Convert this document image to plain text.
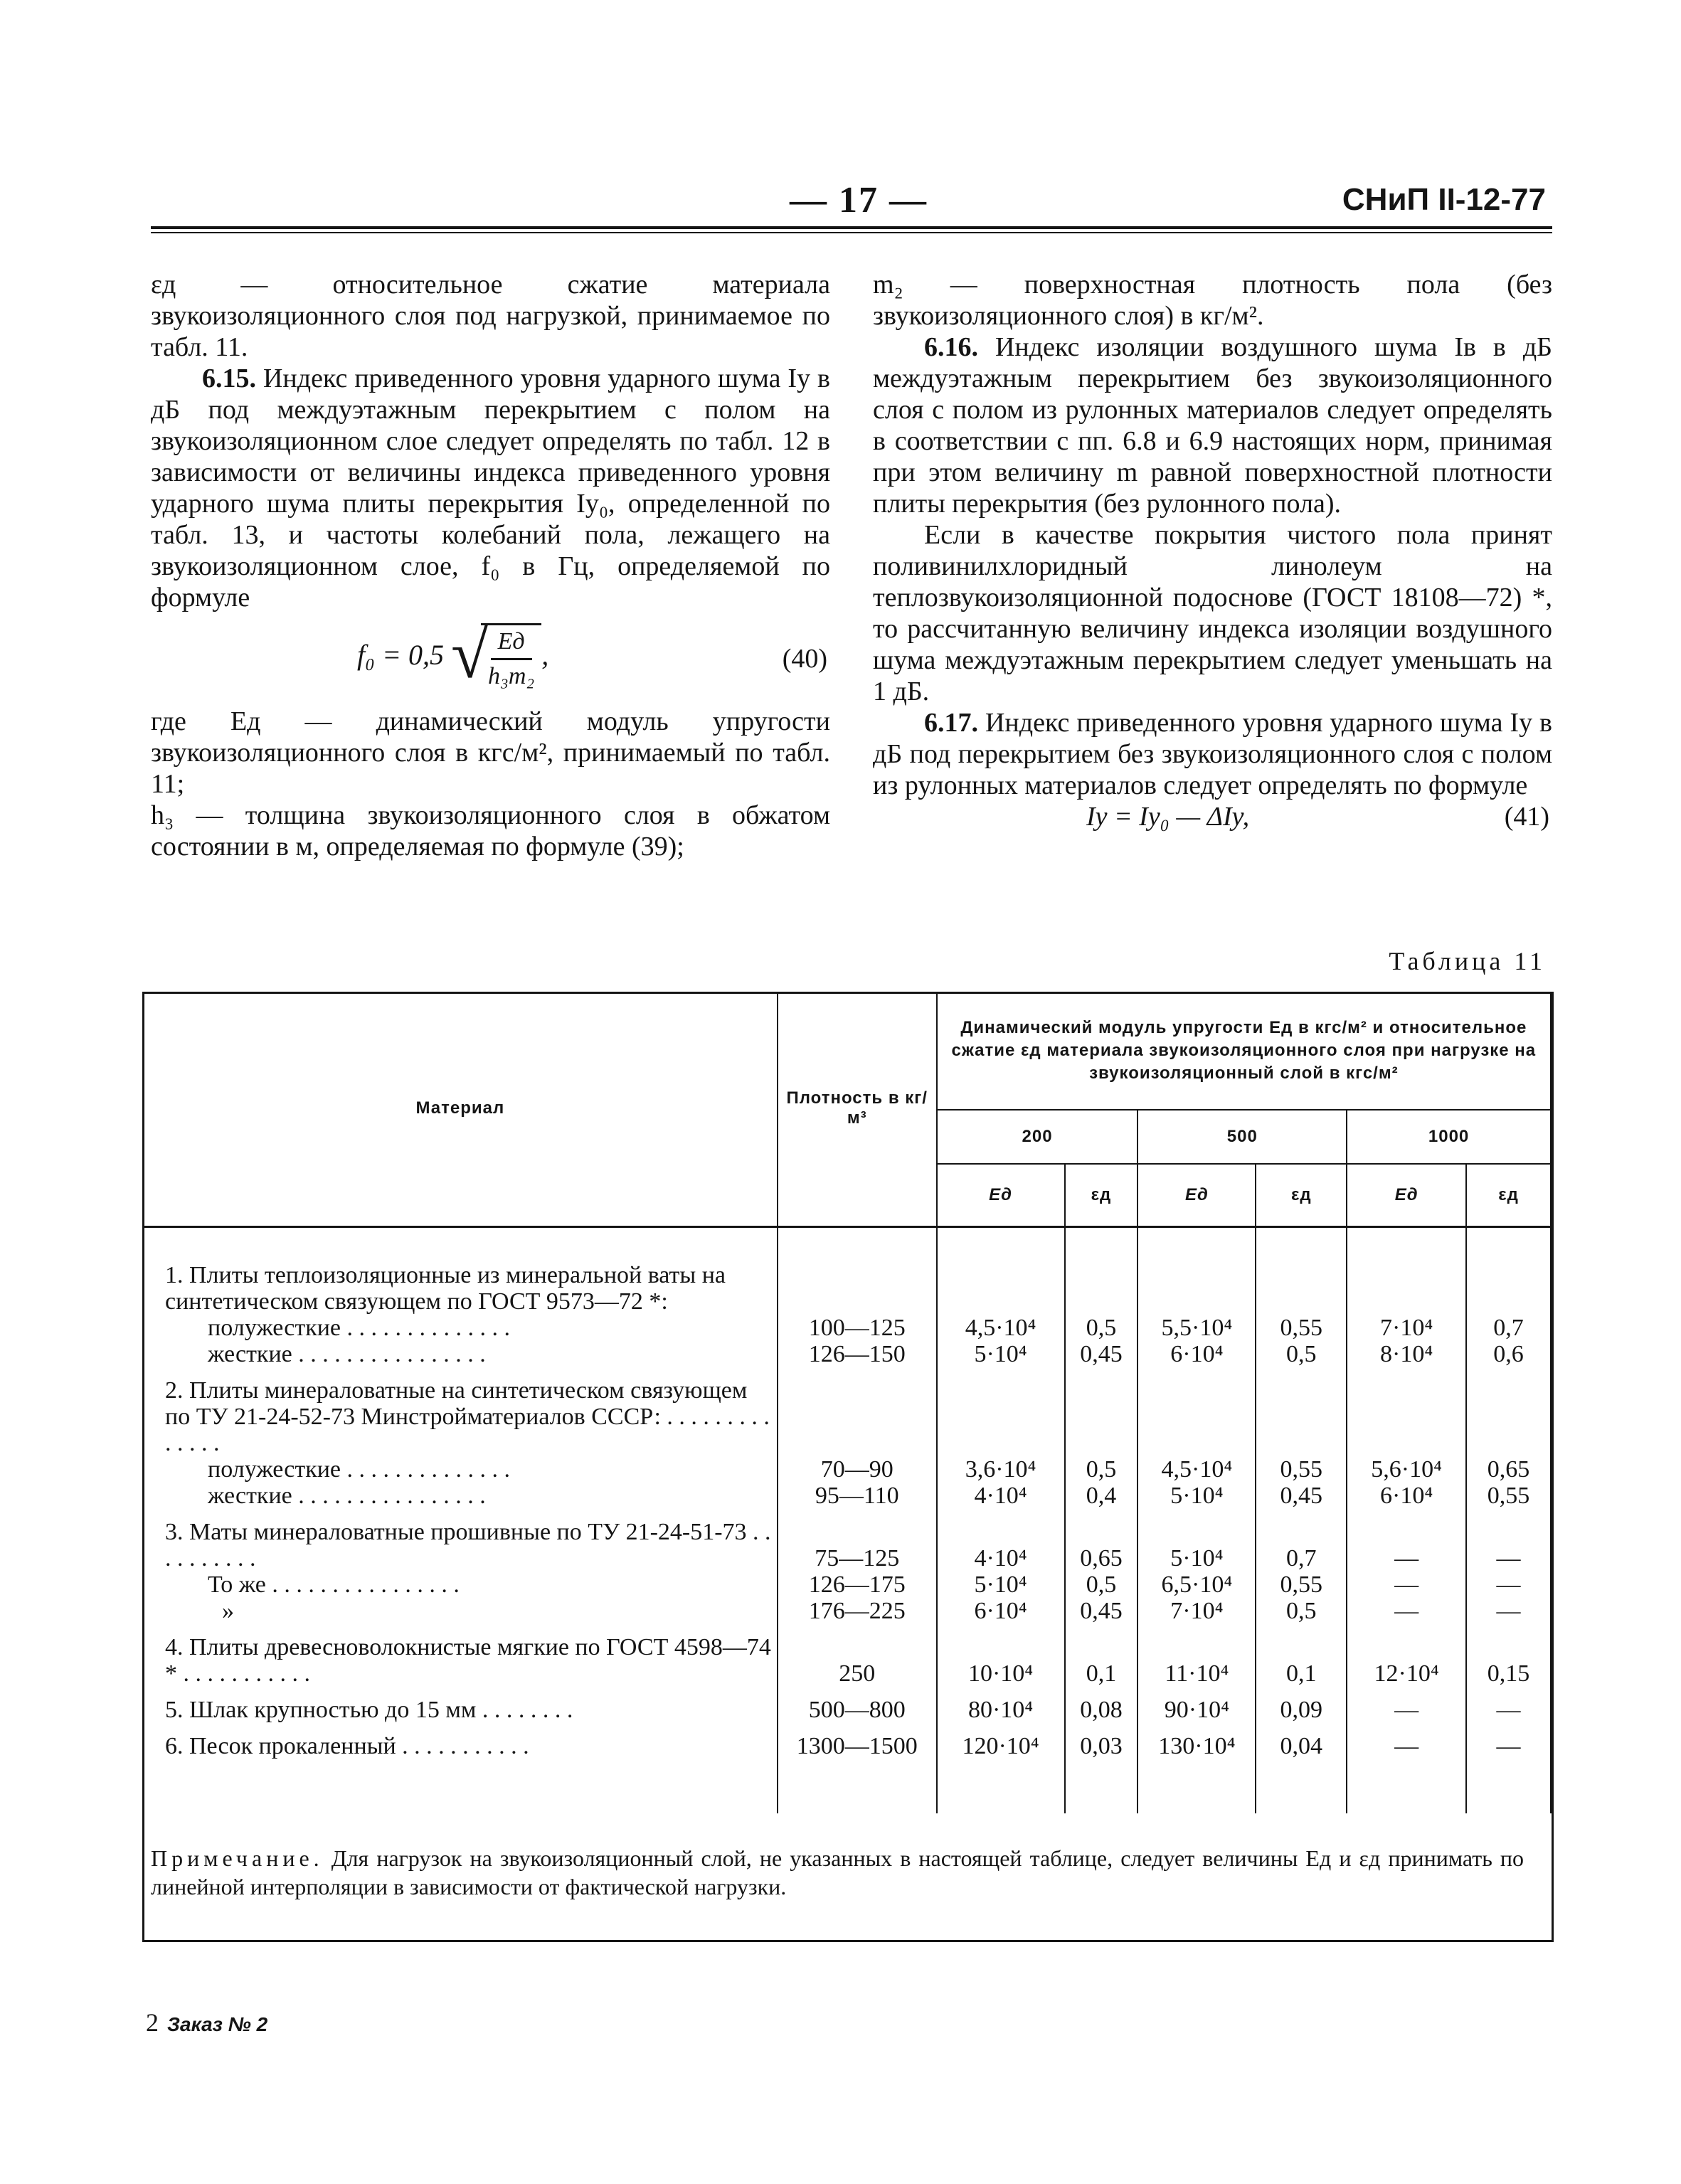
— 17 —	СНиП II-12-77

εд — относительное сжатие материала звукоизоляционного слоя под нагрузкой, принимаемое по табл. 11.

6.15. Индекс приведенного уровня ударного шума Iу в дБ под междуэтажным перекрытием с полом на звукоизоляционном слое следует определять по табл. 12 в зависимости от величины индекса приведенного уровня ударного шума плиты перекрытия Iу₀, определенной по табл. 13, и частоты колебаний пола, лежащего на звукоизоляционном слое, f₀ в Гц, определяемой по формуле

f₀ = 0,5 √
$\frac{Eд}{\text{h₃m₂}}$ ,	(40)

где Eд — динамический модуль упругости звукоизоляционного слоя в кгс/м², принимаемый по табл. 11;

h₃ — толщина звукоизоляционного слоя в обжатом состоянии в м, определяемая по формуле (39);

m₂ — поверхностная плотность пола (без звукоизоляционного слоя) в кг/м².

6.16. Индекс изоляции воздушного шума Iв в дБ междуэтажным перекрытием без звукоизоляционного слоя с полом из рулонных материалов следует определять в соответствии с пп. 6.8 и 6.9 настоящих норм, принимая при этом величину m равной поверхностной плотности плиты перекрытия (без рулонного пола).

Если в качестве покрытия чистого пола принят поливинилхлоридный линолеум на теплозвукоизоляционной подоснове (ГОСТ 18108—72) *, то рассчитанную величину индекса изоляции воздушного шума междуэтажным перекрытием следует уменьшать на 1 дБ.

6.17. Индекс приведенного уровня ударного шума Iу в дБ под перекрытием без звукоизоляционного слоя с полом из рулонных материалов следует определять по формуле

Iу = Iу₀ — ΔIу,	(41)
Таблица 11
Материал	Плотность в кг/м³	Динамический модуль упругости Eд в кгс/м² и относительное сжатие εд материала звукоизоляционного слоя при нагрузке на звукоизоляционный слой в кгс/м²					
		200		500		1000	
		Eд	εд	Eд	εд	Eд	εд

1. Плиты теплоизоляционные из минеральной ваты на синтетическом связующем по ГОСТ 9573—72 *:							
полужесткие . . . . . . . . . . . . . .	100—125	4,5·10⁴	0,5	5,5·10⁴	0,55	7·10⁴	0,7
жесткие . . . . . . . . . . . . . . . .	126—150	5·10⁴	0,45	6·10⁴	0,5	8·10⁴	0,6

2. Плиты минераловатные на синтетическом связующем по ТУ 21-24-52-73 Минстройматериалов СССР: . . . . . . . . . . . . . .							
полужесткие . . . . . . . . . . . . . .	70—90	3,6·10⁴	0,5	4,5·10⁴	0,55	5,6·10⁴	0,65
жесткие . . . . . . . . . . . . . . . .	95—110	4·10⁴	0,4	5·10⁴	0,45	6·10⁴	0,55

3. Маты минераловатные прошивные по ТУ 21-24-51-73 . . . . . . . . . .	75—125	4·10⁴	0,65	5·10⁴	0,7	—	—
То же . . . . . . . . . . . . . . . .	126—175	5·10⁴	0,5	6,5·10⁴	0,55	—	—
»	176—225	6·10⁴	0,45	7·10⁴	0,5	—	—

4. Плиты древесноволокнистые мягкие по ГОСТ 4598—74 * . . . . . . . . . . .	250	10·10⁴	0,1	11·10⁴	0,1	12·10⁴	0,15

5. Шлак крупностью до 15 мм . . . . . . . .	500—800	80·10⁴	0,08	90·10⁴	0,09	—	—

6. Песок прокаленный . . . . . . . . . . .	1300—1500	120·10⁴	0,03	130·10⁴	0,04	—	—

Примечание. Для нагрузок на звукоизоляционный слой, не указанных в настоящей таблице, следует величины Eд и εд принимать по линейной интерполяции в зависимости от фактической нагрузки.
2 Заказ № 2
